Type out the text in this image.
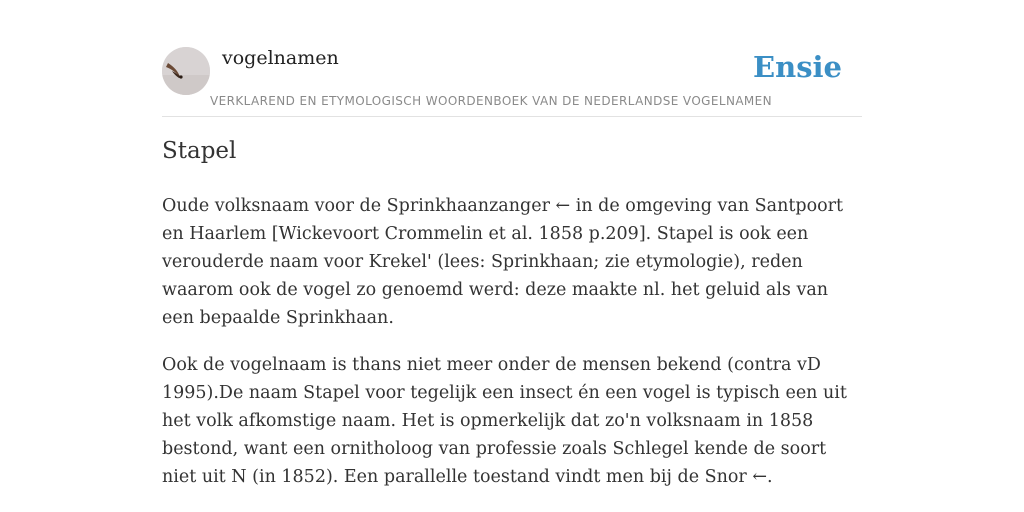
vogelnamen
VERKLAREND EN ETYMOLOGISCH WOORDENBOEK VAN DE NEDERLANDSE VOGELNAMEN
Ensie
Stapel

Oude volksnaam voor de Sprinkhaanzanger ← in de omgeving van Santpoort en Haarlem [Wickevoort Crommelin et al. 1858 p.209]. Stapel is ook een verouderde naam voor Krekel' (lees: Sprinkhaan; zie etymologie), reden waarom ook de vogel zo genoemd werd: deze maakte nl. het geluid als van een bepaalde Sprinkhaan.

Ook de vogelnaam is thans niet meer onder de mensen bekend (contra vD 1995).De naam Stapel voor tegelijk een insect én een vogel is typisch een uit het volk afkomstige naam. Het is opmerkelijk dat zo'n volksnaam in 1858 bestond, want een ornitholoog van professie zoals Schlegel kende de soort niet uit N (in 1852). Een parallelle toestand vindt men bij de Snor ←.
